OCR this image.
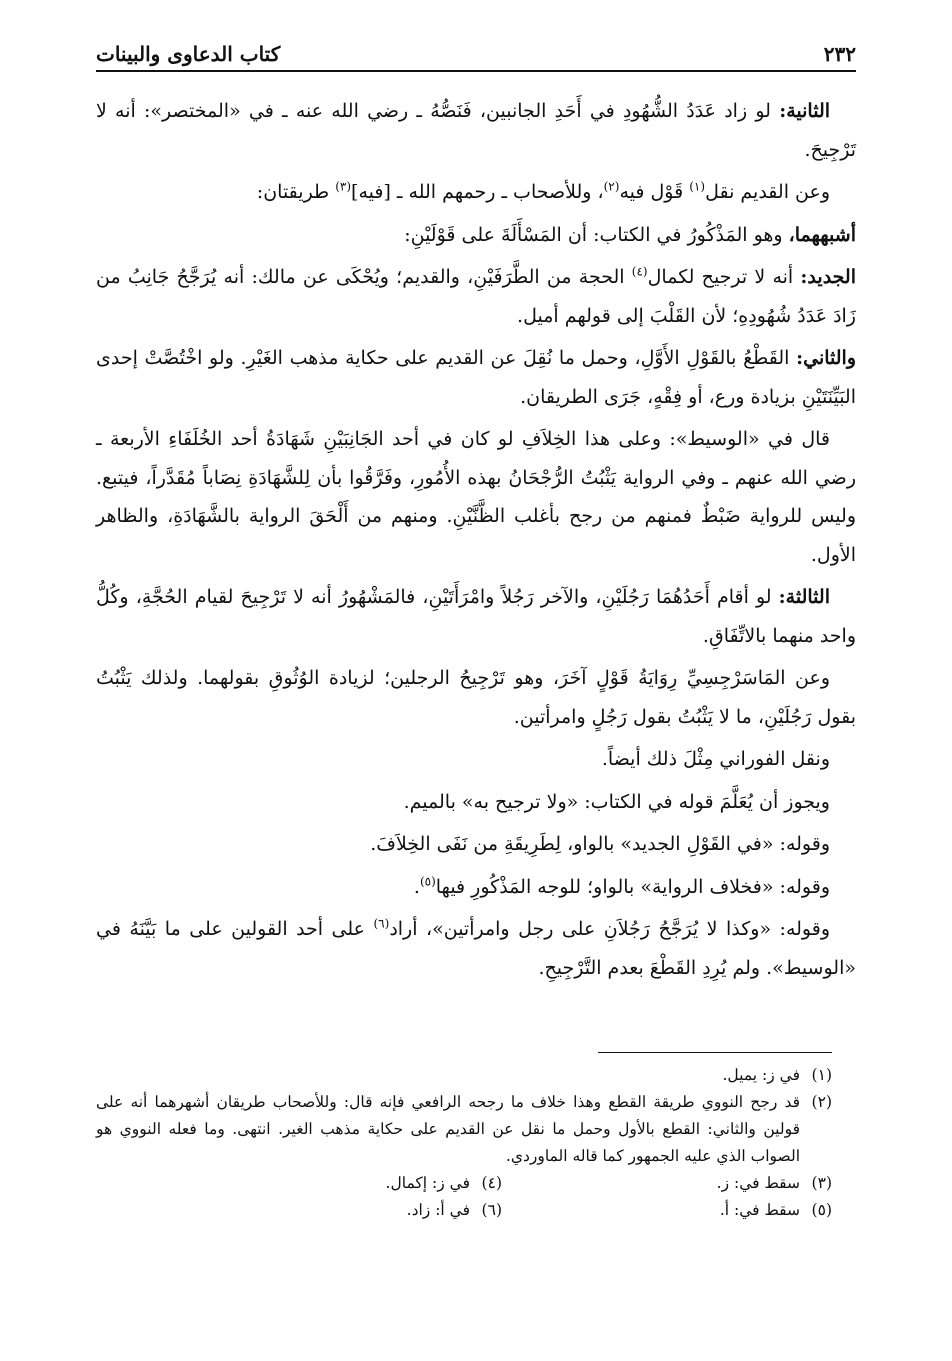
٢٣٢
كتاب الدعاوى والبينات

الثانية: لو زاد عَدَدُ الشُّهُودِ في أَحَدِ الجانبين، فَنَصُّهُ ـ رضي الله عنه ـ في «المختصر»: أنه لا تَرْجِيحَ.

وعن القديم نقل$^{(١)}$ قَوْل فيه$^{(٢)}$، وللأصحاب ـ رحمهم الله ـ [فيه]$^{(٣)}$ طريقتان:

أشبههما، وهو المَذْكُورُ في الكتاب: أن المَسْأَلَةَ على قَوْلَيْنِ:

الجديد: أنه لا ترجيح لكمال$^{(٤)}$ الحجة من الطَّرَفَيْنِ، والقديم؛ ويُحْكَى عن مالك: أنه يُرَجَّحُ جَانِبُ من زَادَ عَدَدُ شُهُودِهِ؛ لأن القَلْبَ إلى قولهم أميل.

والثاني: القَطْعُ بالقَوْلِ الأَوَّلِ، وحمل ما نُقِلَ عن القديم على حكاية مذهب الغَيْرِ. ولو اخْتُصَّتْ إحدى البَيِّنَتَيْنِ بزيادة ورع، أو فِقْهٍ، جَرَى الطريقان.

قال في «الوسيط»: وعلى هذا الخِلاَفِ لو كان في أحد الجَانِبَيْنِ شَهَادَةُ أحد الخُلَفَاءِ الأربعة ـ رضي الله عنهم ـ وفي الرواية يَثْبُتُ الرُّجْحَانُ بهذه الأُمُورِ، وفَرَّقُوا بأن لِلشَّهَادَةِ نِصَاباً مُقَدَّراً، فيتبع. وليس للرواية ضَبْطٌ فمنهم من رجح بأغلب الظَّنَّيْنِ. ومنهم من أَلْحَقَ الرواية بالشَّهَادَةِ، والظاهر الأول.

الثالثة: لو أقام أَحَدُهُمَا رَجُلَيْنِ، والآخر رَجُلاً وامْرَأَتَيْنِ، فالمَشْهُورُ أنه لا تَرْجِيحَ لقيام الحُجَّةِ، وكُلُّ واحد منهما بالاتِّفَاقِ.

وعن المَاسَرْجِسِيِّ رِوَايَةُ قَوْلٍ آخَرَ، وهو تَرْجِيحُ الرجلين؛ لزيادة الوُثُوقِ بقولهما. ولذلك يَثْبُتُ بقول رَجُلَيْنِ، ما لا يَثْبُتُ بقول رَجُلٍ وامرأتين.

ونقل الفوراني مِثْلَ ذلك أيضاً.

ويجوز أن يُعَلَّمَ قوله في الكتاب: «ولا ترجيح به» بالميم.

وقوله: «في القَوْلِ الجديد» بالواو، لِطَرِيقَةِ من نَفَى الخِلاَفَ.

وقوله: «فخلاف الرواية» بالواو؛ للوجه المَذْكُورِ فيها$^{(٥)}$.

وقوله: «وكذا لا يُرَجَّحُ رَجُلاَنِ على رجل وامرأتين»، أراد$^{(٦)}$ على أحد القولين على ما بَيَّنَهُ في «الوسيط». ولم يُرِدِ القَطْعَ بعدم التَّرْجِيحِ.

(١)
في ز: يميل.
(٢)
قد رجح النووي طريقة القطع وهذا خلاف ما رجحه الرافعي فإنه قال: وللأصحاب طريقان أشهرهما أنه على قولين والثاني: القطع بالأول وحمل ما نقل عن القديم على حكاية مذهب الغير. انتهى. وما فعله النووي هو الصواب الذي عليه الجمهور كما قاله الماوردي.
(٣)
سقط في: ز.
(٤)
في ز: إكمال.
(٥)
سقط في: أ.
(٦)
في أ: زاد.
